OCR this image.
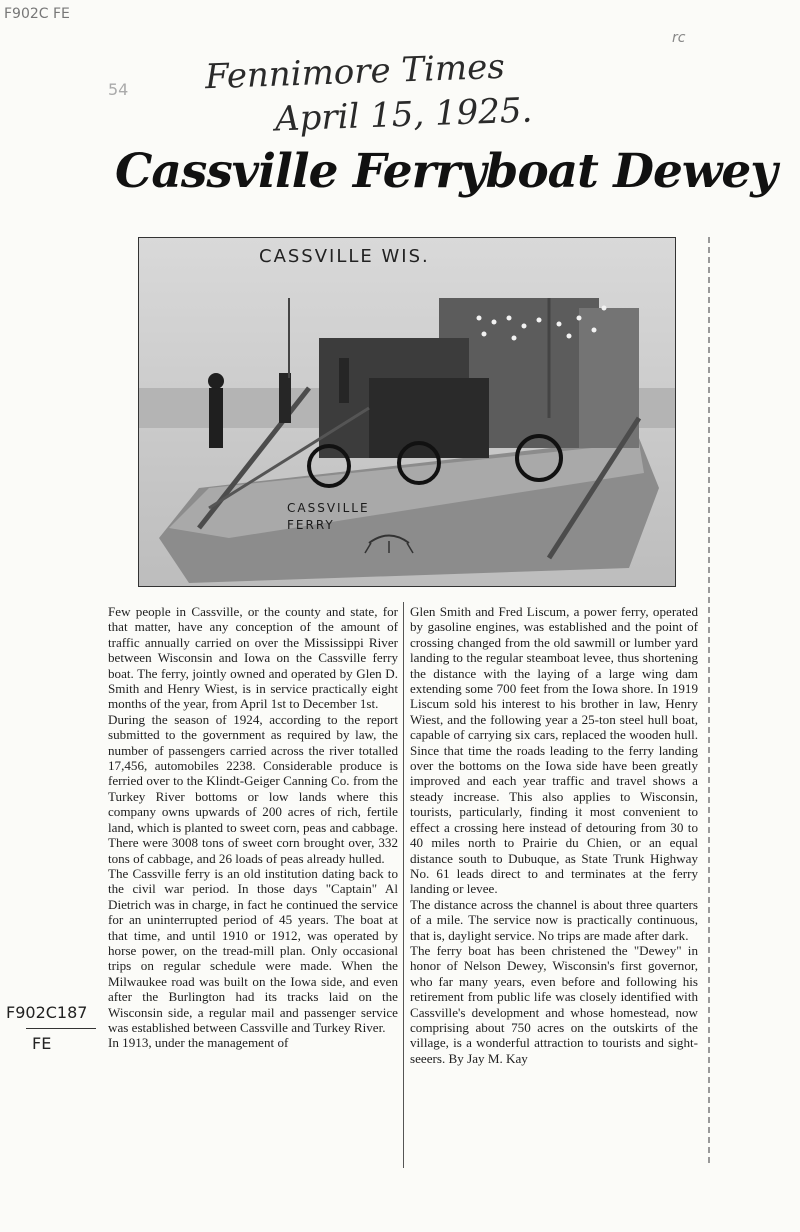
F902C FE
rc
54 Fennimore Times
April 15, 1925.
Cassville Ferryboat Dewey
CASSVILLE WIS.
CASSVILLE
FERRY
Few people in Cassville, or the county and state, for that matter, have any conception of the amount of traffic annually carried on over the Mississippi River between Wisconsin and Iowa on the Cassville ferry boat. The ferry, jointly owned and operated by Glen D. Smith and Henry Wiest, is in service practically eight months of the year, from April 1st to December 1st.
During the season of 1924, according to the report submitted to the government as required by law, the number of passengers carried across the river totalled 17,456, automobiles 2238. Considerable produce is ferried over to the Klindt-Geiger Canning Co. from the Turkey River bottoms or low lands where this company owns upwards of 200 acres of rich, fertile land, which is planted to sweet corn, peas and cabbage. There were 3008 tons of sweet corn brought over, 332 tons of cabbage, and 26 loads of peas already hulled.
The Cassville ferry is an old institution dating back to the civil war period. In those days "Captain" Al Dietrich was in charge, in fact he continued the service for an uninterrupted period of 45 years. The boat at that time, and until 1910 or 1912, was operated by horse power, on the tread-mill plan. Only occasional trips on regular schedule were made. When the Milwaukee road was built on the Iowa side, and even after the Burlington had its tracks laid on the Wisconsin side, a regular mail and passenger service was established between Cassville and Turkey River.
In 1913, under the management of
Glen Smith and Fred Liscum, a power ferry, operated by gasoline engines, was established and the point of crossing changed from the old sawmill or lumber yard landing to the regular steamboat levee, thus shortening the distance with the laying of a large wing dam extending some 700 feet from the Iowa shore. In 1919 Liscum sold his interest to his brother in law, Henry Wiest, and the following year a 25-ton steel hull boat, capable of carrying six cars, replaced the wooden hull. Since that time the roads leading to the ferry landing over the bottoms on the Iowa side have been greatly improved and each year traffic and travel shows a steady increase. This also applies to Wisconsin, tourists, particularly, finding it most convenient to effect a crossing here instead of detouring from 30 to 40 miles north to Prairie du Chien, or an equal distance south to Dubuque, as State Trunk Highway No. 61 leads direct to and terminates at the ferry landing or levee.
The distance across the channel is about three quarters of a mile. The service now is practically continuous, that is, daylight service. No trips are made after dark.
The ferry boat has been christened the "Dewey" in honor of Nelson Dewey, Wisconsin's first governor, who far many years, even before and following his retirement from public life was closely identified with Cassville's development and whose homestead, now comprising about 750 acres on the outskirts of the village, is a wonderful attraction to tourists and sight-seeers. By Jay M. Kay
F902C187
FE
